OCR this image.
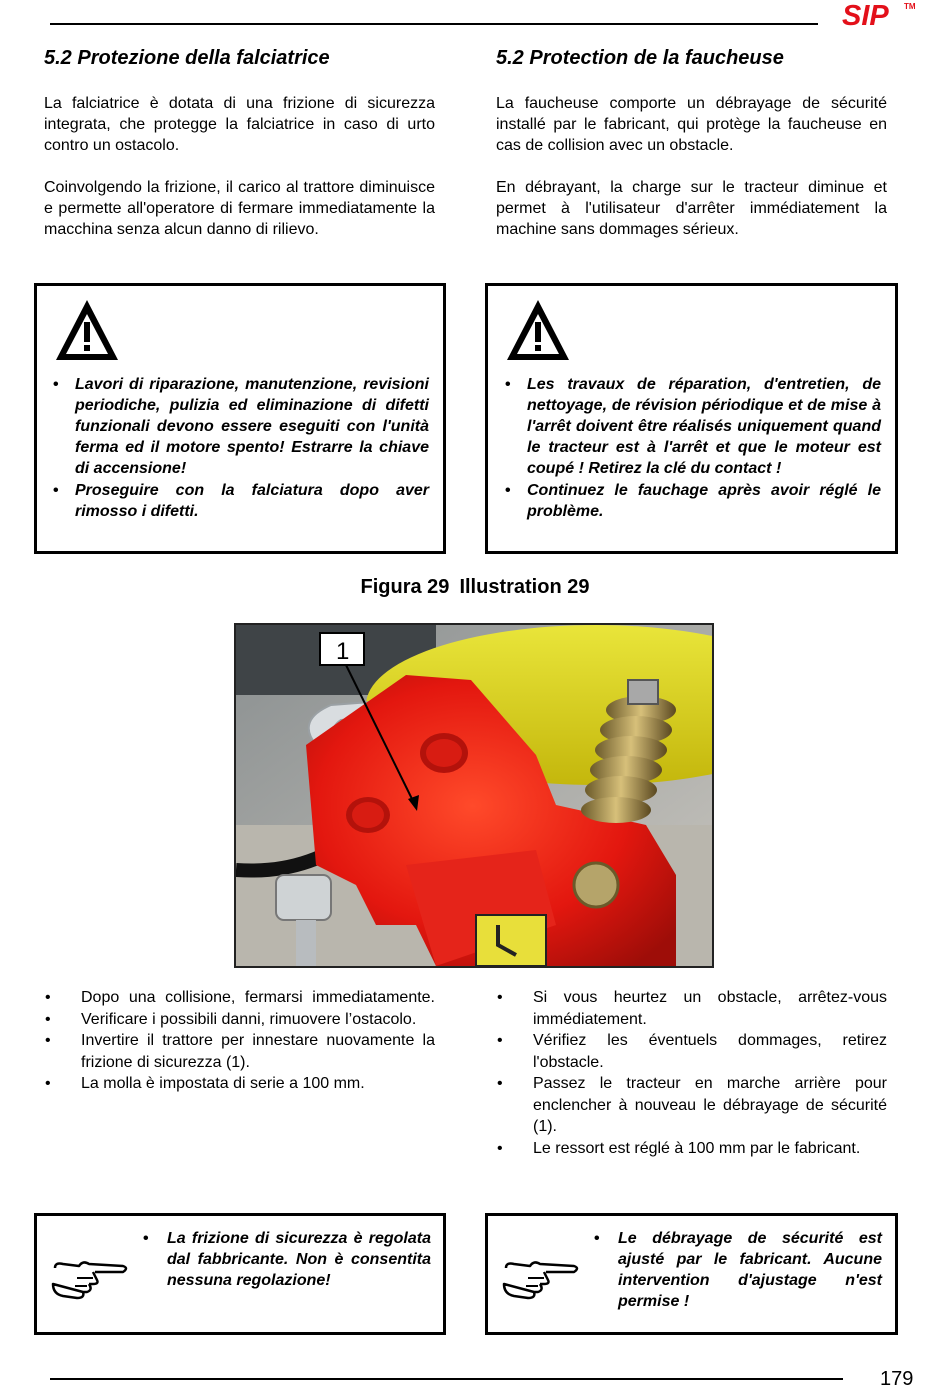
SIP TM
5.2 Protezione della falciatrice
La falciatrice è dotata di una frizione di sicurezza integrata, che protegge la falciatrice in caso di urto contro un ostacolo.
Coinvolgendo la frizione, il carico al trattore diminuisce e permette all'operatore di fermare immediatamente la macchina senza alcun danno di rilievo.
5.2 Protection de la faucheuse
La faucheuse comporte un débrayage de sécurité installé par le fabricant, qui protège la faucheuse en cas de collision avec un obstacle.
En débrayant, la charge sur le tracteur diminue et permet à l'utilisateur d'arrêter immédiatement la machine sans dommages sérieux.
• Lavori di riparazione, manutenzione, revisioni periodiche, pulizia ed eliminazione di difetti funzionali devono essere eseguiti con l'unità ferma ed il motore spento! Estrarre la chiave di accensione!
• Proseguire con la falciatura dopo aver rimosso i difetti.
• Les travaux de réparation, d'entretien, de nettoyage, de révision périodique et de mise à l'arrêt doivent être réalisés uniquement quand le tracteur est à l'arrêt et que le moteur est coupé ! Retirez la clé du contact !
• Continuez le fauchage après avoir réglé le problème.
Figura 29 Illustration 29
1
• Dopo una collisione, fermarsi immediatamente.
• Verificare i possibili danni, rimuovere l’ostacolo.
• Invertire il trattore per innestare nuovamente la frizione di sicurezza (1).
• La molla è impostata di serie a 100 mm.
• Si vous heurtez un obstacle, arrêtez-vous immédiatement.
• Vérifiez les éventuels dommages, retirez l'obstacle.
• Passez le tracteur en marche arrière pour enclencher à nouveau le débrayage de sécurité (1).
• Le ressort est réglé à 100 mm par le fabricant.
• La frizione di sicurezza è regolata dal fabbricante. Non è consentita nessuna regolazione!
• Le débrayage de sécurité est ajusté par le fabricant. Aucune intervention d'ajustage n'est permise !
179
